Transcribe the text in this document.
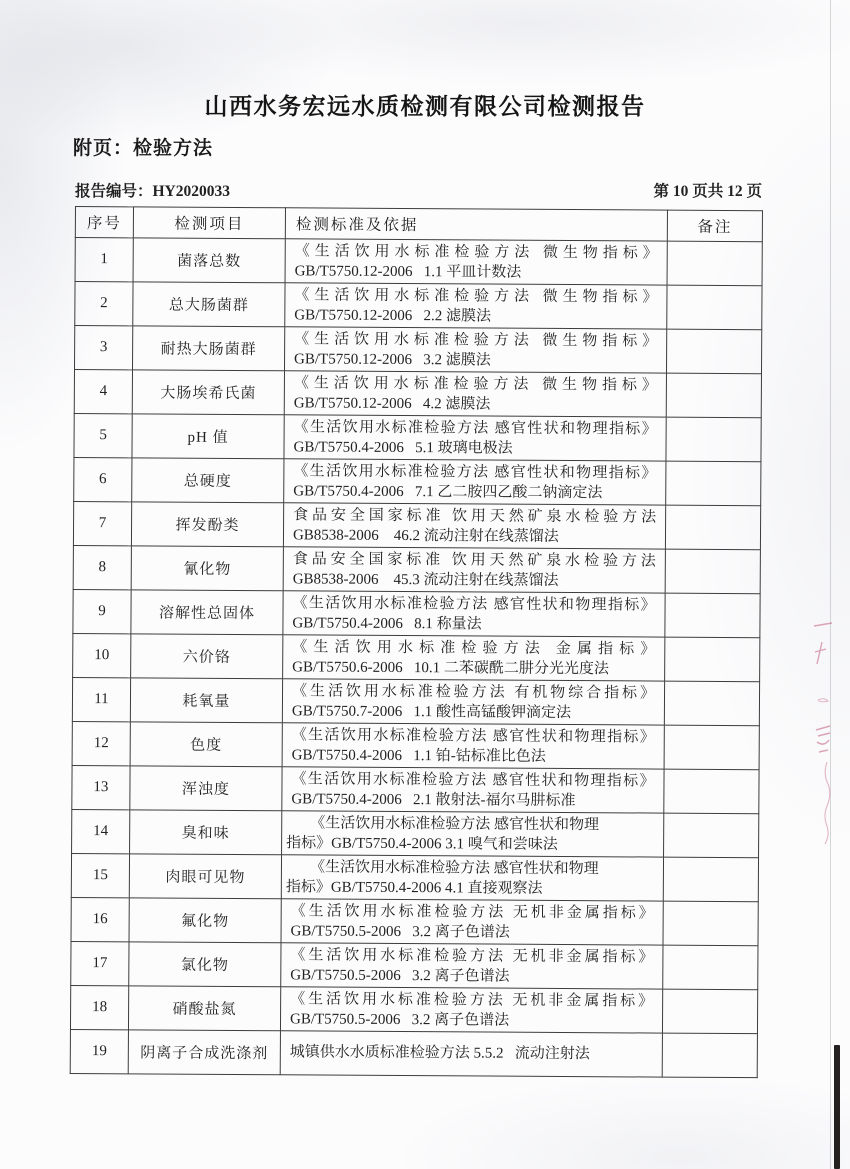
山西水务宏远水质检测有限公司检测报告
附页：检验方法
报告编号：HY2020033	第 10 页共 12 页
序号	检测项目	检测标准及依据	备注
1	菌落总数	《生活饮用水标准检验方法 微生物指标》
GB/T5750.12-2006   1.1 平皿计数法	

2	总大肠菌群	《生活饮用水标准检验方法 微生物指标》
GB/T5750.12-2006   2.2 滤膜法	

3	耐热大肠菌群	《生活饮用水标准检验方法 微生物指标》
GB/T5750.12-2006   3.2 滤膜法	

4	大肠埃希氏菌	《生活饮用水标准检验方法 微生物指标》
GB/T5750.12-2006   4.2 滤膜法	

5	pH 值	《生活饮用水标准检验方法 感官性状和物理指标》
GB/T5750.4-2006   5.1 玻璃电极法	

6	总硬度	《生活饮用水标准检验方法 感官性状和物理指标》
GB/T5750.4-2006   7.1 乙二胺四乙酸二钠滴定法	

7	挥发酚类	食品安全国家标准 饮用天然矿泉水检验方法
GB8538-2006    46.2 流动注射在线蒸馏法	

8	氰化物	食品安全国家标准 饮用天然矿泉水检验方法
GB8538-2006    45.3 流动注射在线蒸馏法	

9	溶解性总固体	《生活饮用水标准检验方法 感官性状和物理指标》
GB/T5750.4-2006   8.1 称量法	

10	六价铬	《生活饮用水标准检验方法 金属指标》
GB/T5750.6-2006   10.1 二苯碳酰二肼分光光度法	

11	耗氧量	《生活饮用水标准检验方法 有机物综合指标》
GB/T5750.7-2006   1.1 酸性高锰酸钾滴定法	

12	色度	《生活饮用水标准检验方法 感官性状和物理指标》
GB/T5750.4-2006   1.1 铂-钴标准比色法	

13	浑浊度	《生活饮用水标准检验方法 感官性状和物理指标》
GB/T5750.4-2006   2.1 散射法-福尔马肼标准	

14	臭和味	《生活饮用水标准检验方法 感官性状和物理
指标》GB/T5750.4-2006 3.1 嗅气和尝味法	

15	肉眼可见物	《生活饮用水标准检验方法 感官性状和物理
指标》GB/T5750.4-2006 4.1 直接观察法	

16	氟化物	《生活饮用水标准检验方法 无机非金属指标》
GB/T5750.5-2006   3.2 离子色谱法	

17	氯化物	《生活饮用水标准检验方法 无机非金属指标》
GB/T5750.5-2006   3.2 离子色谱法	

18	硝酸盐氮	《生活饮用水标准检验方法 无机非金属指标》
GB/T5750.5-2006   3.2 离子色谱法	

19	阴离子合成洗涤剂	城镇供水水质标准检验方法 5.5.2   流动注射法	
